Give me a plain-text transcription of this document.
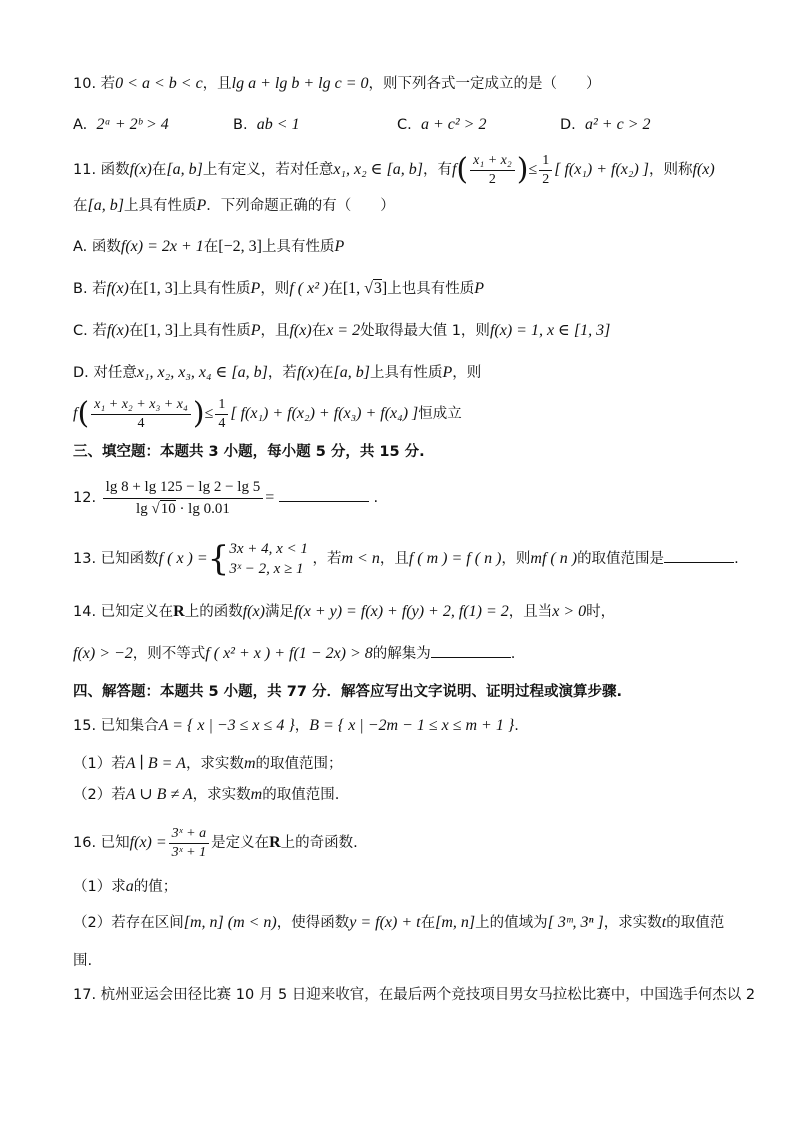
10. 若0 < a < b < c，且lg a + lg b + lg c = 0，则下列各式一定成立的是（　　）
A. 2ᵃ + 2ᵇ > 4	B. ab < 1	C. a + c² > 2	D. a² + c > 2
11. 函数f(x)在[a, b]上有定义，若对任意x₁, x₂ ∈ [a, b]，有$f( \frac{\text{x₁ + x₂}}{2}$ )≤ $\frac{1}{2}$ [ f(x₁) + f(x₂) ]，则称f(x)
在[a, b]上具有性质P．下列命题正确的有（　　）
A. 函数f(x) = 2x + 1在[−2, 3]上具有性质P
B. 若f(x)在[1, 3]上具有性质P，则f ( x² )在[1, √3]上也具有性质P
C. 若f(x)在[1, 3]上具有性质P，且f(x)在x = 2处取得最大值 1，则f(x) = 1, x ∈ [1, 3]
D. 对任意x₁, x₂, x₃, x₄ ∈ [a, b]，若f(x)在[a, b]上具有性质P，则
$f( \frac{\text{x₁ + x₂ + x₃ + x₄}}{4}$ )≤ $\frac{1}{4}$ [ f(x₁) + f(x₂) + f(x₃) + f(x₄) ]恒成立
三、填空题：本题共 3 小题，每小题 5 分，共 15 分.
12. $\frac{\lg 8 + \lg 125 - \lg 2 - \lg 5}{\lg √10 \cdot \lg 0.01}$ =	.
13. 已知函数f ( x ) ={ 3x + 4, x < 1
3ˣ − 2, x ≥ 1
，若m < n，且f ( m ) = f ( n )，则mf ( n )的取值范围是	.
14. 已知定义在R上的函数f(x)满足f(x + y) = f(x) + f(y) + 2, f(1) = 2，且当x > 0时，
f(x) > −2，则不等式f ( x² + x ) + f(1 − 2x) > 8的解集为	.
四、解答题：本题共 5 小题，共 77 分．解答应写出文字说明、证明过程或演算步骤.
15. 已知集合A = { x | −3 ≤ x ≤ 4 }，B = { x | −2m − 1 ≤ x ≤ m + 1 }.
（1）若A ∣ B = A，求实数m的取值范围；
（2）若A ∪ B ≠ A，求实数m的取值范围.
16. 已知$f(x) = \frac{\text{3ˣ + a}}{\text{3ˣ + 1}}$ 是定义在R上的奇函数.
（1）求a的值；
（2）若存在区间[m, n] (m < n)，使得函数y = f(x) + t在[m, n]上的值域为[ 3ᵐ, 3ⁿ ]，求实数t的取值范
围.
17. 杭州亚运会田径比赛 10 月 5 日迎来收官，在最后两个竞技项目男女马拉松比赛中，中国选手何杰以 2
